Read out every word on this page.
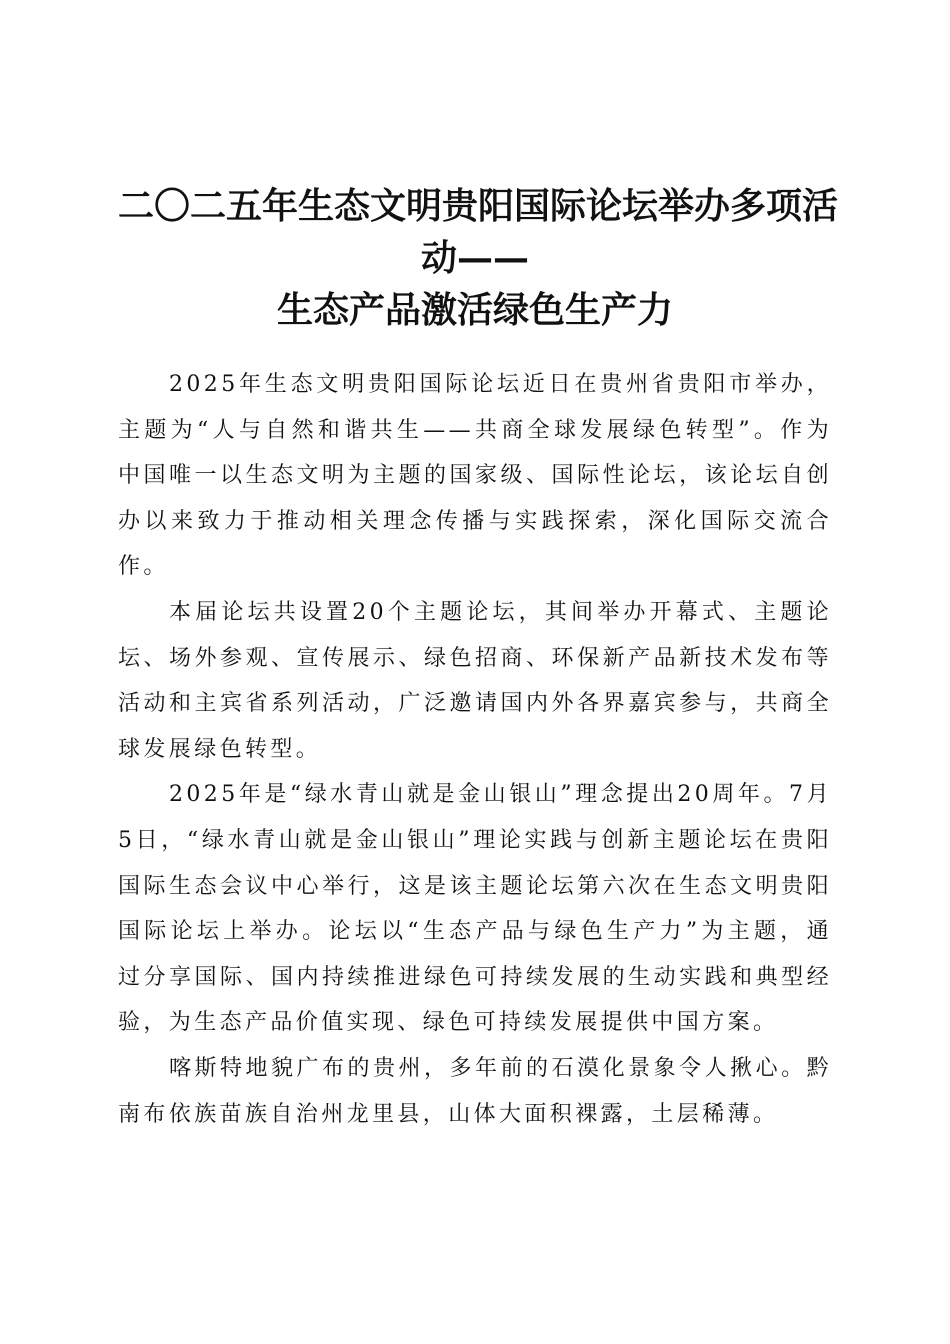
二〇二五年生态文明贵阳国际论坛举办多项活
动——
生态产品激活绿色生产力

2025年生态文明贵阳国际论坛近日在贵州省贵阳市举办，主题为“人与自然和谐共生——共商全球发展绿色转型”。作为中国唯一以生态文明为主题的国家级、国际性论坛，该论坛自创办以来致力于推动相关理念传播与实践探索，深化国际交流合作。

本届论坛共设置20个主题论坛，其间举办开幕式、主题论坛、场外参观、宣传展示、绿色招商、环保新产品新技术发布等活动和主宾省系列活动，广泛邀请国内外各界嘉宾参与，共商全球发展绿色转型。

2025年是“绿水青山就是金山银山”理念提出20周年。7月5日，“绿水青山就是金山银山”理论实践与创新主题论坛在贵阳国际生态会议中心举行，这是该主题论坛第六次在生态文明贵阳国际论坛上举办。论坛以“生态产品与绿色生产力”为主题，通过分享国际、国内持续推进绿色可持续发展的生动实践和典型经验，为生态产品价值实现、绿色可持续发展提供中国方案。

喀斯特地貌广布的贵州，多年前的石漠化景象令人揪心。黔南布依族苗族自治州龙里县，山体大面积裸露，土层稀薄。
